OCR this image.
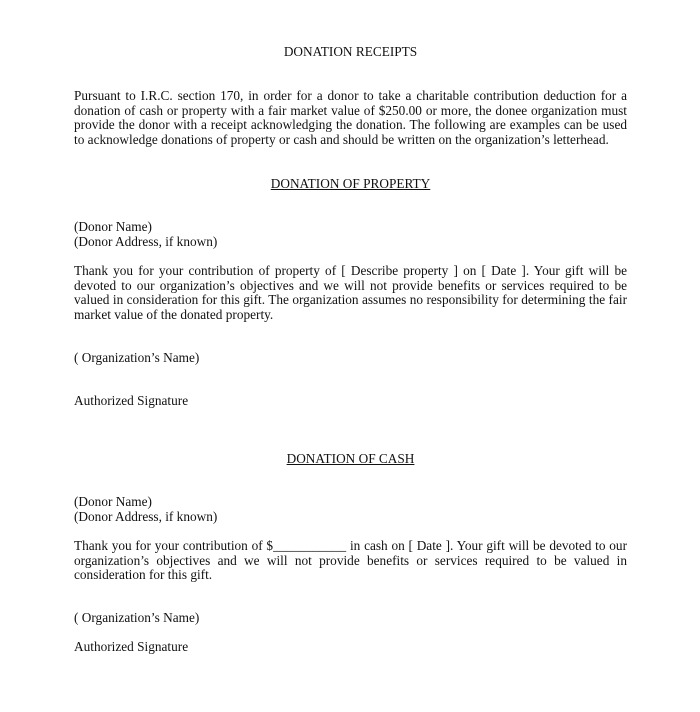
DONATION RECEIPTS

Pursuant to I.R.C. section 170, in order for a donor to take a charitable contribution deduction for a donation of cash or property with a fair market value of $250.00 or more, the donee organization must provide the donor with a receipt acknowledging the donation. The following are examples can be used to acknowledge donations of property or cash and should be written on the organization’s letterhead.

DONATION OF PROPERTY

(Donor Name)

(Donor Address, if known)

Thank you for your contribution of property of [ Describe property ] on [ Date ]. Your gift will be devoted to our organization’s objectives and we will not provide benefits or services required to be valued in consideration for this gift. The organization assumes no responsibility for determining the fair market value of the donated property.

( Organization’s Name)

Authorized Signature

DONATION OF CASH

(Donor Name)

(Donor Address, if known)

Thank you for your contribution of $___________ in cash on [ Date ]. Your gift will be devoted to our organization’s objectives and we will not provide benefits or services required to be valued in consideration for this gift.

( Organization’s Name)

Authorized Signature
